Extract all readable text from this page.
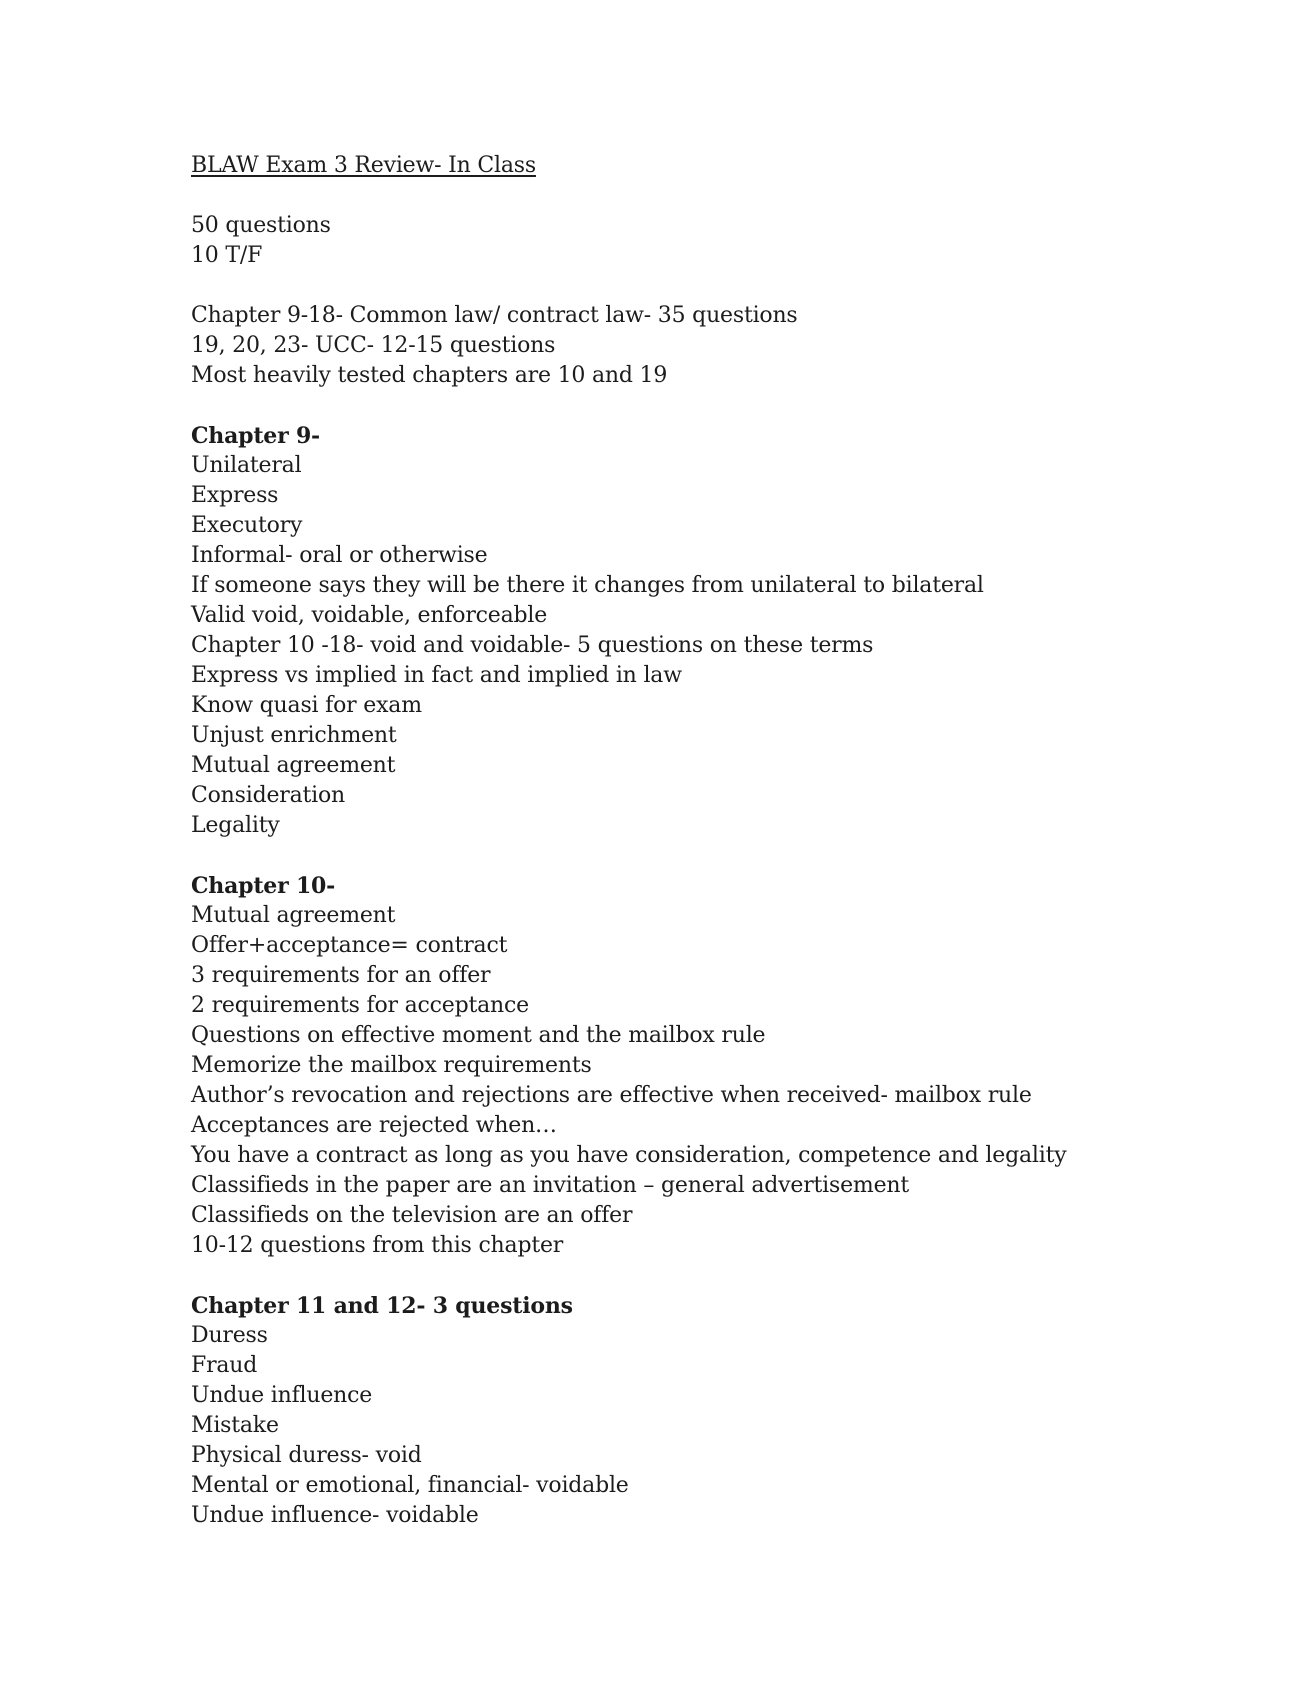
BLAW Exam 3 Review- In Class
50 questions
10 T/F
Chapter 9-18- Common law/ contract law- 35 questions
19, 20, 23- UCC- 12-15 questions
Most heavily tested chapters are 10 and 19
Chapter 9-
Unilateral
Express
Executory
Informal- oral or otherwise
If someone says they will be there it changes from unilateral to bilateral
Valid void, voidable, enforceable
Chapter 10 -18- void and voidable- 5 questions on these terms
Express vs implied in fact and implied in law
Know quasi for exam
Unjust enrichment
Mutual agreement
Consideration
Legality
Chapter 10-
Mutual agreement
Offer+acceptance= contract
3 requirements for an offer
2 requirements for acceptance
Questions on effective moment and the mailbox rule
Memorize the mailbox requirements
Author’s revocation and rejections are effective when received- mailbox rule
Acceptances are rejected when…
You have a contract as long as you have consideration, competence and legality
Classifieds in the paper are an invitation – general advertisement
Classifieds on the television are an offer
10-12 questions from this chapter
Chapter 11 and 12- 3 questions
Duress
Fraud
Undue influence
Mistake
Physical duress- void
Mental or emotional, financial- voidable
Undue influence- voidable
